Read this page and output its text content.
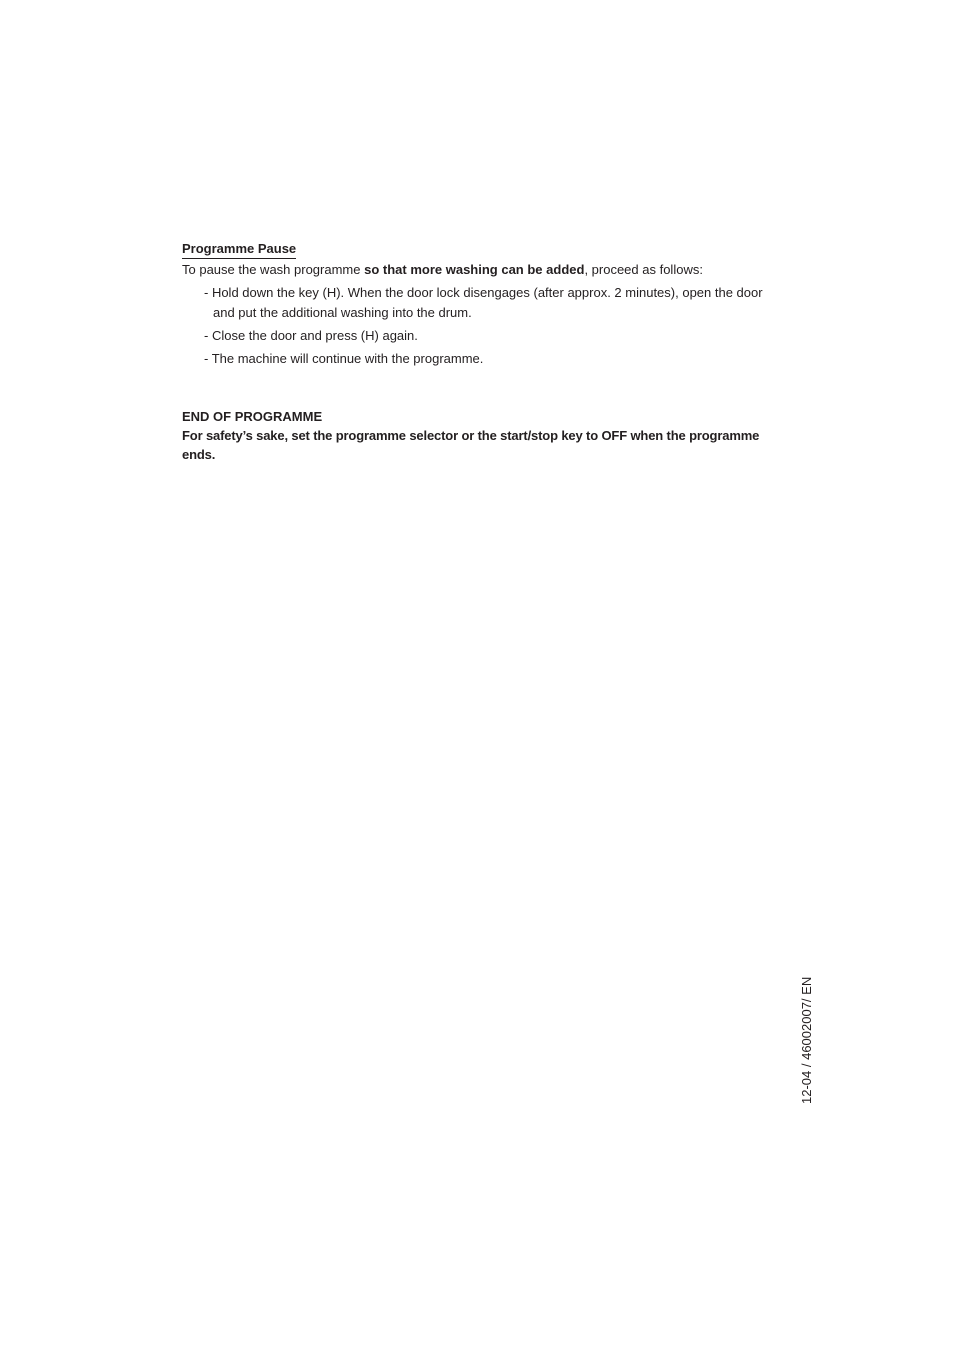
Programme Pause

To pause the wash programme so that more washing can be added, proceed as follows:

- Hold down the key (H). When the door lock disengages (after approx. 2 minutes), open the door and put the additional washing into the drum.
- Close the door and press (H) again.
- The machine will continue with the programme.
END OF PROGRAMME

For safety’s sake, set the programme selector or the start/stop key to OFF when the programme ends.

12-04 / 46002007/ EN
